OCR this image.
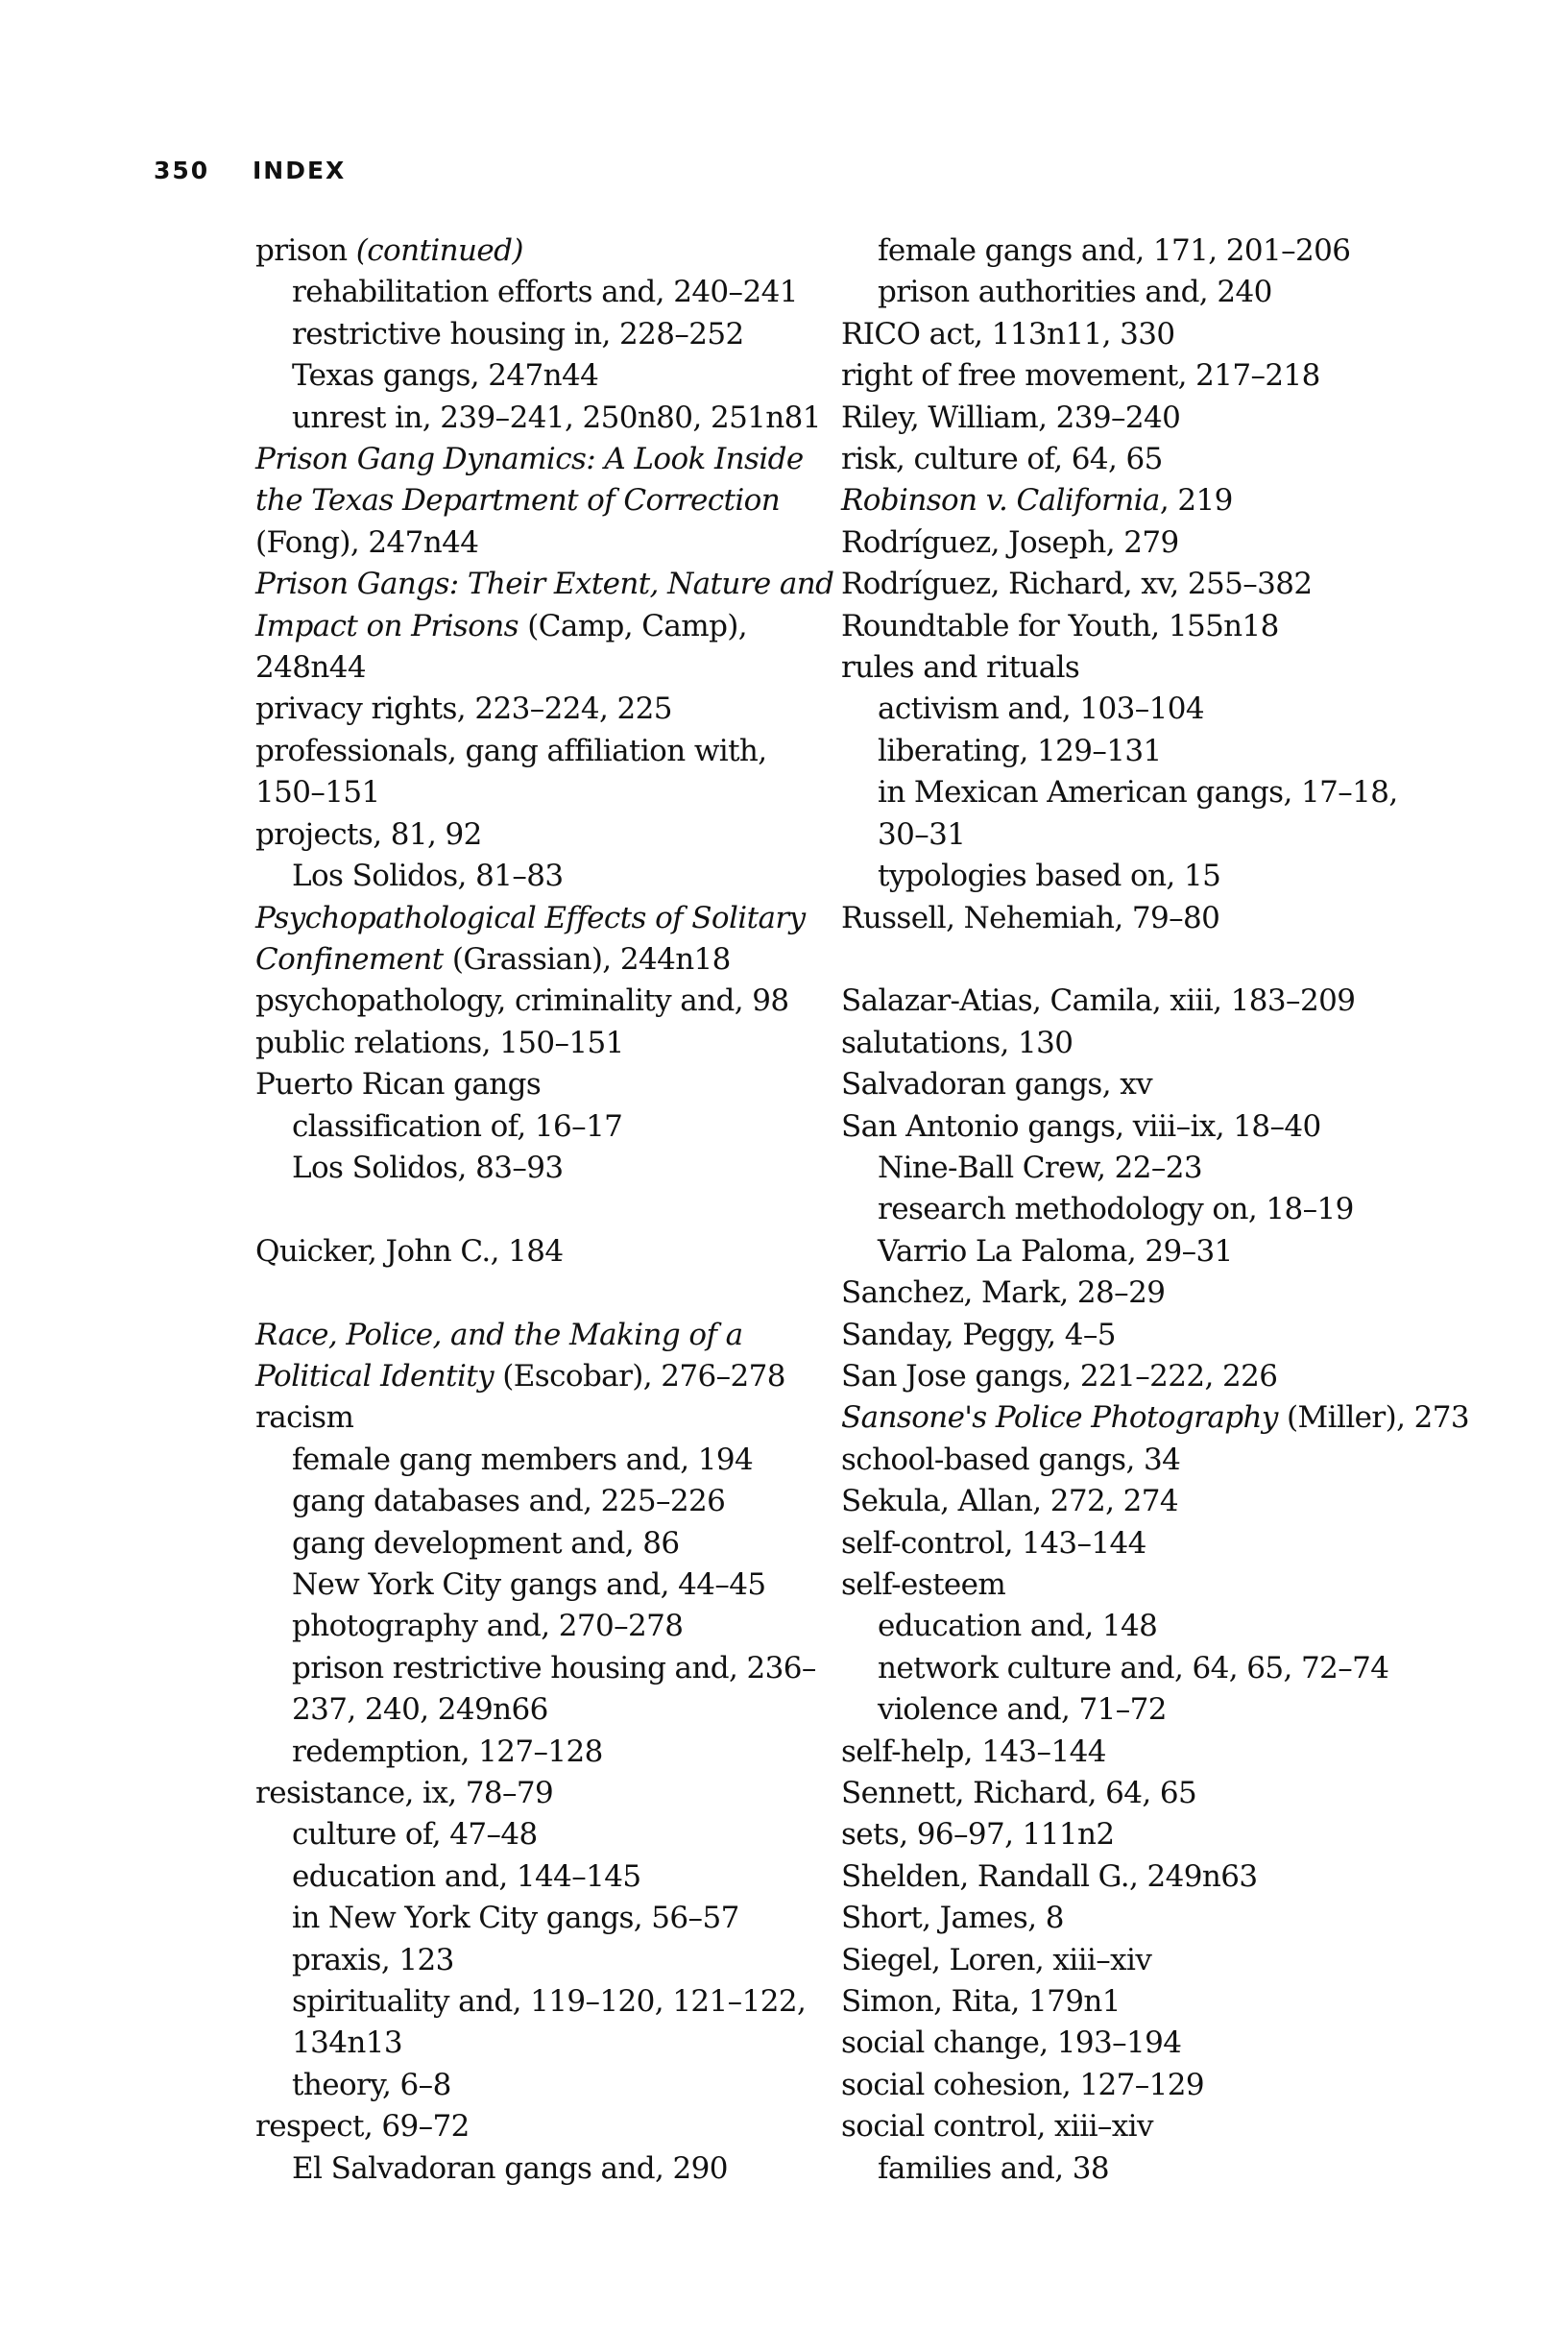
350 INDEX
prison (continued)
rehabilitation efforts and, 240–241
restrictive housing in, 228–252
Texas gangs, 247n44
unrest in, 239–241, 250n80, 251n81
Prison Gang Dynamics: A Look Inside
the Texas Department of Correction
(Fong), 247n44
Prison Gangs: Their Extent, Nature and
Impact on Prisons (Camp, Camp),
248n44
privacy rights, 223–224, 225
professionals, gang affiliation with,
150–151
projects, 81, 92
Los Solidos, 81–83
Psychopathological Effects of Solitary
Confinement (Grassian), 244n18
psychopathology, criminality and, 98
public relations, 150–151
Puerto Rican gangs
classification of, 16–17
Los Solidos, 83–93
Quicker, John C., 184
Race, Police, and the Making of a
Political Identity (Escobar), 276–278
racism
female gang members and, 194
gang databases and, 225–226
gang development and, 86
New York City gangs and, 44–45
photography and, 270–278
prison restrictive housing and, 236–
237, 240, 249n66
redemption, 127–128
resistance, ix, 78–79
culture of, 47–48
education and, 144–145
in New York City gangs, 56–57
praxis, 123
spirituality and, 119–120, 121–122,
134n13
theory, 6–8
respect, 69–72
El Salvadoran gangs and, 290
female gangs and, 171, 201–206
prison authorities and, 240
RICO act, 113n11, 330
right of free movement, 217–218
Riley, William, 239–240
risk, culture of, 64, 65
Robinson v. California, 219
Rodríguez, Joseph, 279
Rodríguez, Richard, xv, 255–382
Roundtable for Youth, 155n18
rules and rituals
activism and, 103–104
liberating, 129–131
in Mexican American gangs, 17–18,
30–31
typologies based on, 15
Russell, Nehemiah, 79–80
Salazar-Atias, Camila, xiii, 183–209
salutations, 130
Salvadoran gangs, xv
San Antonio gangs, viii–ix, 18–40
Nine-Ball Crew, 22–23
research methodology on, 18–19
Varrio La Paloma, 29–31
Sanchez, Mark, 28–29
Sanday, Peggy, 4–5
San Jose gangs, 221–222, 226
Sansone's Police Photography (Miller), 273
school-based gangs, 34
Sekula, Allan, 272, 274
self-control, 143–144
self-esteem
education and, 148
network culture and, 64, 65, 72–74
violence and, 71–72
self-help, 143–144
Sennett, Richard, 64, 65
sets, 96–97, 111n2
Shelden, Randall G., 249n63
Short, James, 8
Siegel, Loren, xiii–xiv
Simon, Rita, 179n1
social change, 193–194
social cohesion, 127–129
social control, xiii–xiv
families and, 38
